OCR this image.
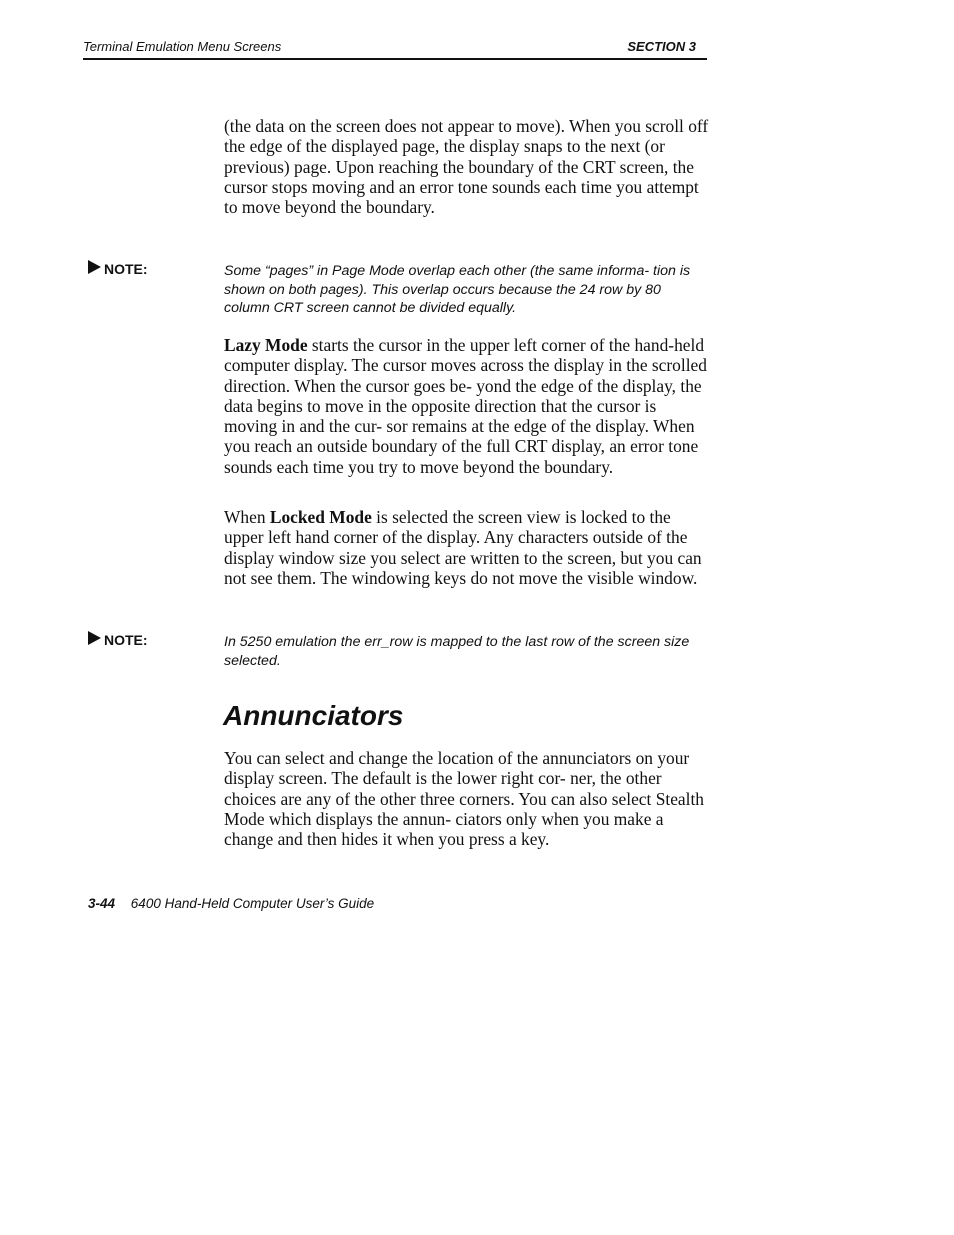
Terminal Emulation Menu Screens	SECTION 3

(the data on the screen does not appear to move). When you scroll off the edge of the displayed page, the display snaps to the next (or previous) page. Upon reaching the boundary of the CRT screen, the cursor stops moving and an error tone sounds each time you attempt to move beyond the boundary.

NOTE:	Some “pages” in Page Mode overlap each other (the same informa- tion is shown on both pages). This overlap occurs because the 24 row by 80 column CRT screen cannot be divided equally.

Lazy Mode starts the cursor in the upper left corner of the hand-held computer display. The cursor moves across the display in the scrolled direction. When the cursor goes be- yond the edge of the display, the data begins to move in the opposite direction that the cursor is moving in and the cur- sor remains at the edge of the display. When you reach an outside boundary of the full CRT display, an error tone sounds each time you try to move beyond the boundary.

When Locked Mode is selected the screen view is locked to the upper left hand corner of the display. Any characters outside of the display window size you select are written to the screen, but you can not see them. The windowing keys do not move the visible window.

NOTE:	In 5250 emulation the err_row is mapped to the last row of the screen size selected.

Annunciators

You can select and change the location of the annunciators on your display screen. The default is the lower right cor- ner, the other choices are any of the other three corners. You can also select Stealth Mode which displays the annun- ciators only when you make a change and then hides it when you press a key.

3-44 6400 Hand-Held Computer User’s Guide
